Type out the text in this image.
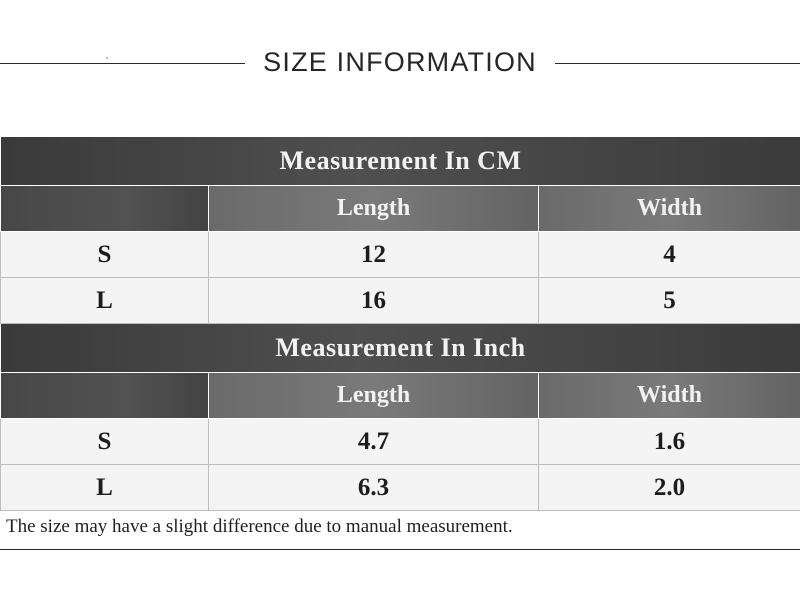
SIZE INFORMATION
Measurement In CM		
	Length	Width
S	12	4
L	16	5
Measurement In Inch		
	Length	Width
S	4.7	1.6
L	6.3	2.0
The size may have a slight difference due to manual measurement.
